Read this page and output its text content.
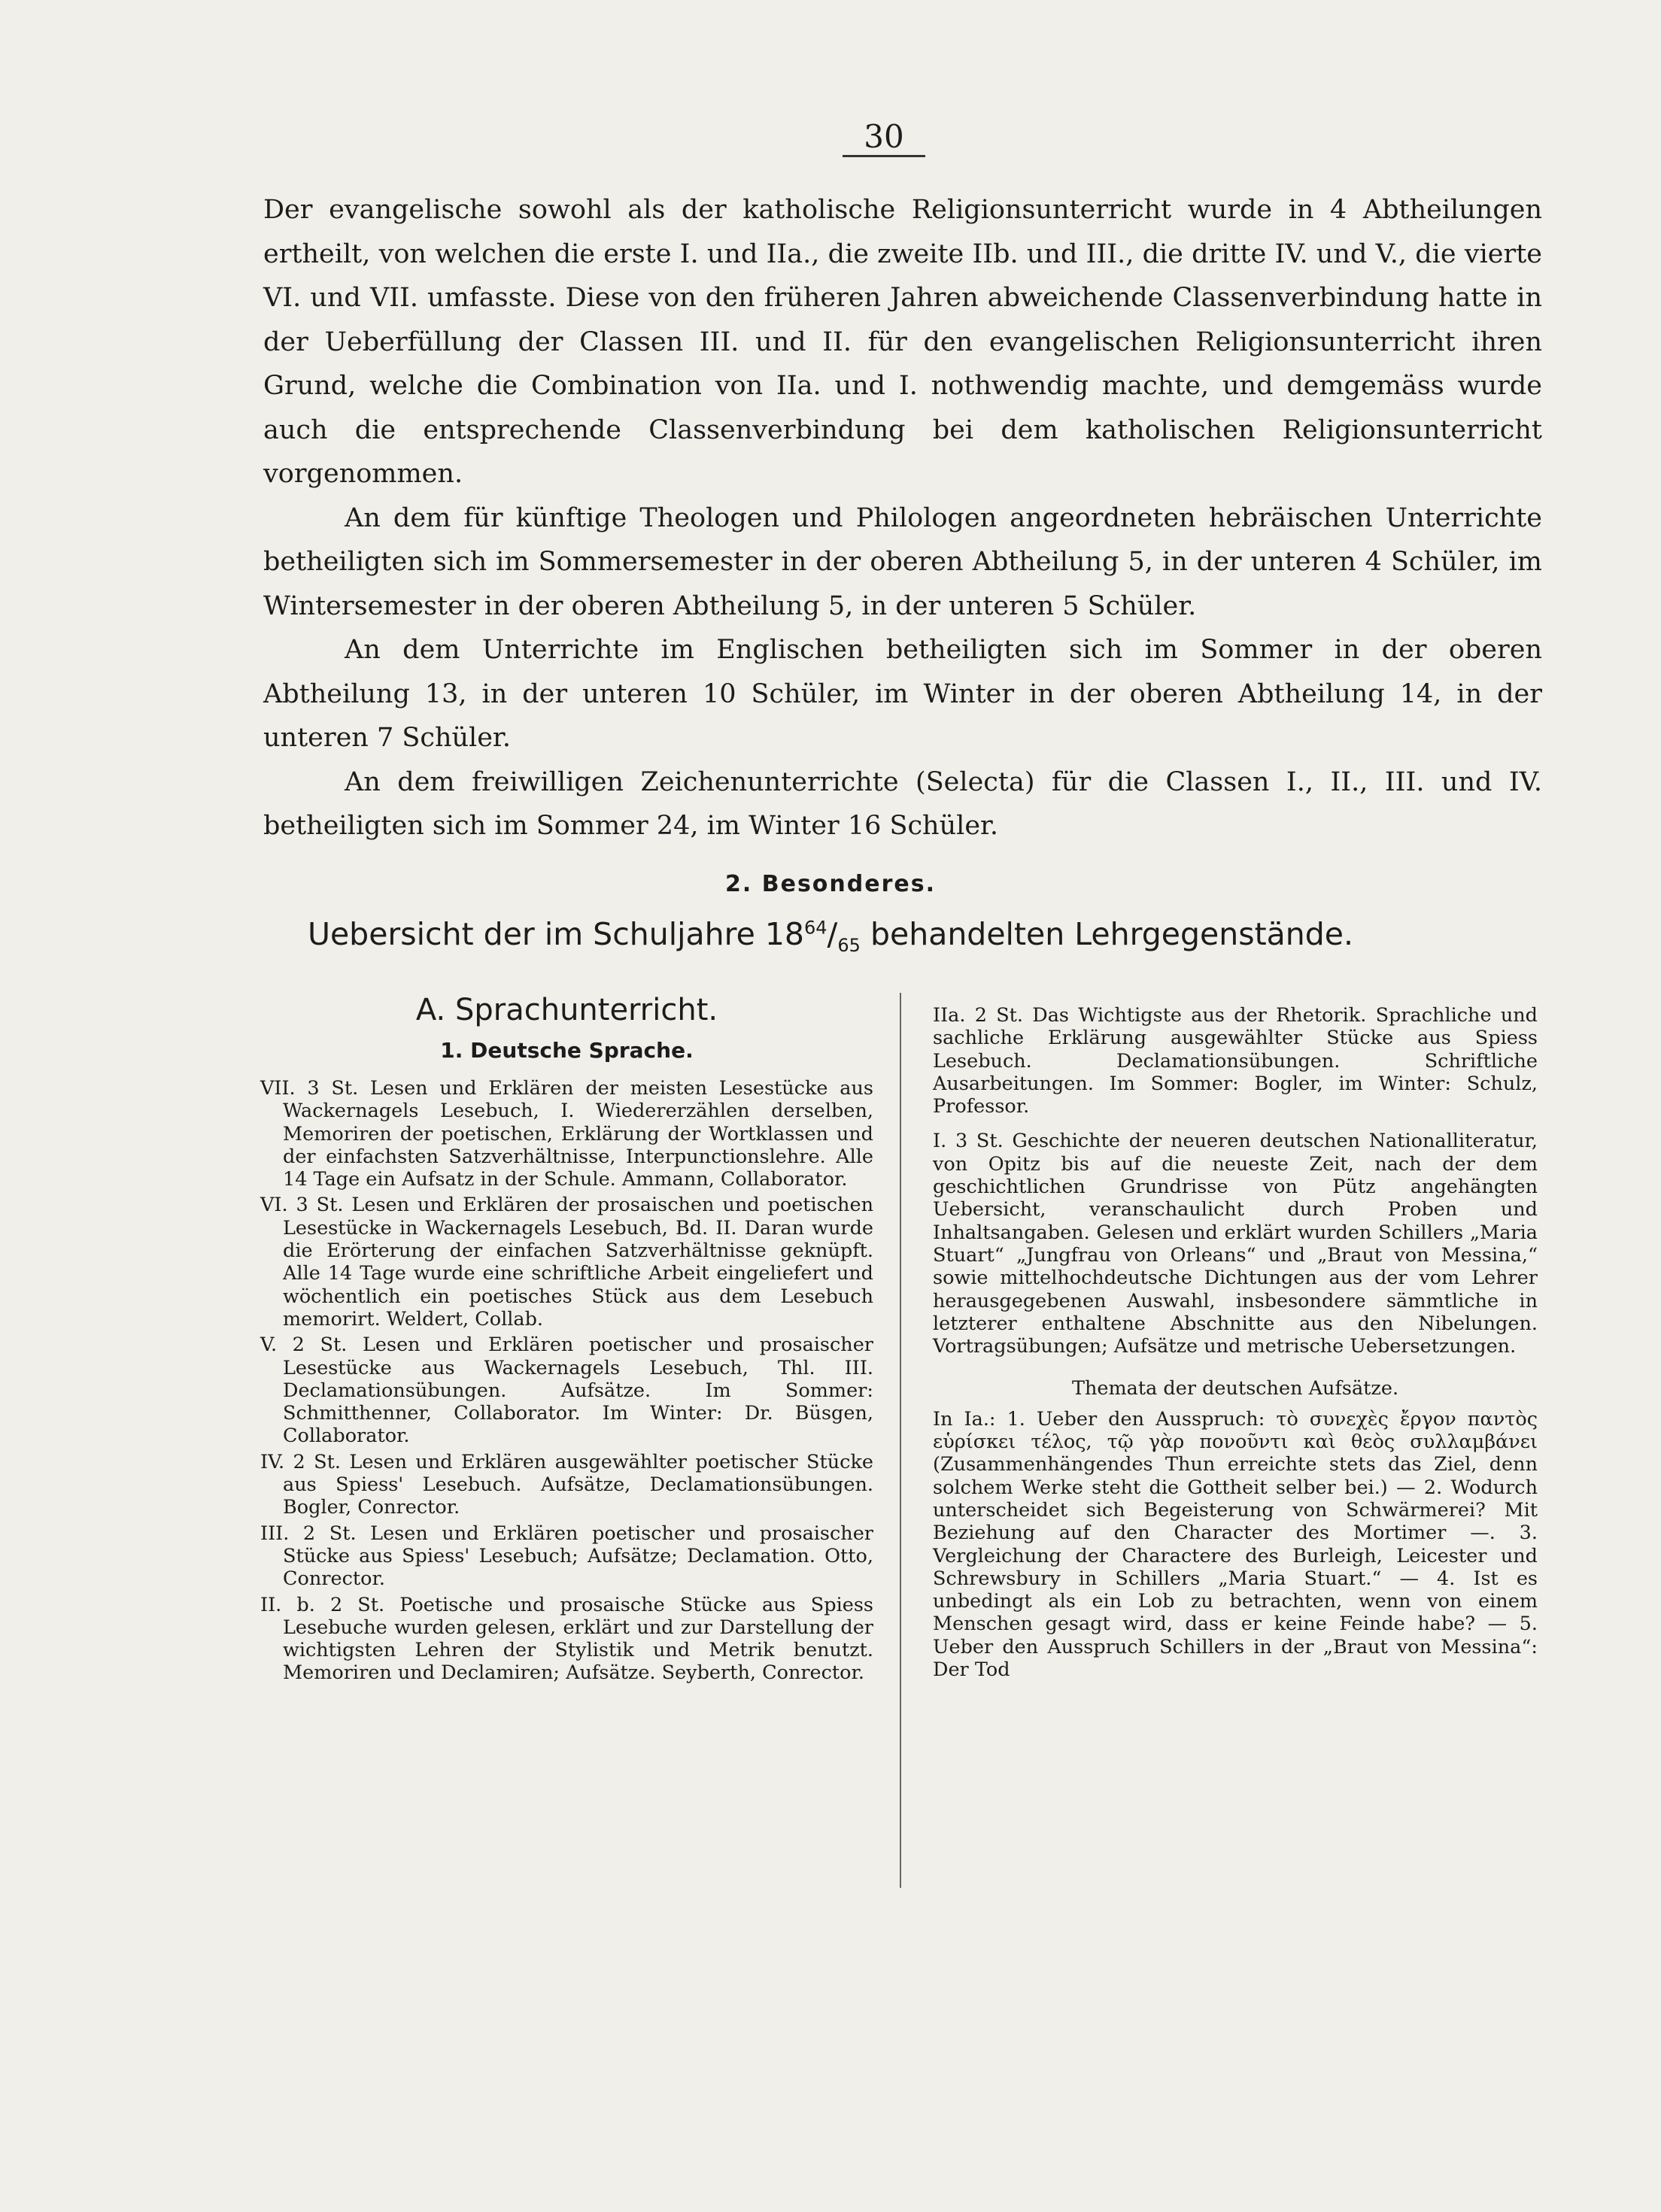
30

Der evangelische sowohl als der katholische Religionsunterricht wurde in 4 Abtheilungen ertheilt, von welchen die erste I. und IIa., die zweite IIb. und III., die dritte IV. und V., die vierte VI. und VII. umfasste. Diese von den früheren Jahren abweichende Classenverbindung hatte in der Ueberfüllung der Classen III. und II. für den evangelischen Religionsunterricht ihren Grund, welche die Combination von IIa. und I. nothwendig machte, und demgemäss wurde auch die entsprechende Classenverbindung bei dem katholischen Religionsunterricht vorgenommen.

An dem für künftige Theologen und Philologen angeordneten hebräischen Unterrichte betheiligten sich im Sommersemester in der oberen Abtheilung 5, in der unteren 4 Schüler, im Wintersemester in der oberen Abtheilung 5, in der unteren 5 Schüler.

An dem Unterrichte im Englischen betheiligten sich im Sommer in der oberen Abtheilung 13, in der unteren 10 Schüler, im Winter in der oberen Abtheilung 14, in der unteren 7 Schüler.

An dem freiwilligen Zeichenunterrichte (Selecta) für die Classen I., II., III. und IV. betheiligten sich im Sommer 24, im Winter 16 Schüler.

2. Besonderes.
Uebersicht der im Schuljahre $18^{64}/_{65}$ behandelten Lehrgegenstände.
A. Sprachunterricht.
1. Deutsche Sprache.

VII. 3 St. Lesen und Erklären der meisten Lesestücke aus Wackernagels Lesebuch, I. Wiedererzählen derselben, Memoriren der poetischen, Erklärung der Wortklassen und der einfachsten Satzverhältnisse, Interpunctionslehre. Alle 14 Tage ein Aufsatz in der Schule. Ammann, Collaborator.

VI. 3 St. Lesen und Erklären der prosaischen und poetischen Lesestücke in Wackernagels Lesebuch, Bd. II. Daran wurde die Erörterung der einfachen Satzverhältnisse geknüpft. Alle 14 Tage wurde eine schriftliche Arbeit eingeliefert und wöchentlich ein poetisches Stück aus dem Lesebuch memorirt. Weldert, Collab.

V. 2 St. Lesen und Erklären poetischer und prosaischer Lesestücke aus Wackernagels Lesebuch, Thl. III. Declamationsübungen. Aufsätze. Im Sommer: Schmitthenner, Collaborator. Im Winter: Dr. Büsgen, Collaborator.

IV. 2 St. Lesen und Erklären ausgewählter poetischer Stücke aus Spiess' Lesebuch. Aufsätze, Declamationsübungen. Bogler, Conrector.

III. 2 St. Lesen und Erklären poetischer und prosaischer Stücke aus Spiess' Lesebuch; Aufsätze; Declamation. Otto, Conrector.

II. b. 2 St. Poetische und prosaische Stücke aus Spiess Lesebuche wurden gelesen, erklärt und zur Darstellung der wichtigsten Lehren der Stylistik und Metrik benutzt. Memoriren und Declamiren; Aufsätze. Seyberth, Conrector.

IIa. 2 St. Das Wichtigste aus der Rhetorik. Sprachliche und sachliche Erklärung ausgewählter Stücke aus Spiess Lesebuch. Declamationsübungen. Schriftliche Ausarbeitungen. Im Sommer: Bogler, im Winter: Schulz, Professor.

I. 3 St. Geschichte der neueren deutschen Nationalliteratur, von Opitz bis auf die neueste Zeit, nach der dem geschichtlichen Grundrisse von Pütz angehängten Uebersicht, veranschaulicht durch Proben und Inhaltsangaben. Gelesen und erklärt wurden Schillers „Maria Stuart“ „Jungfrau von Orleans“ und „Braut von Messina,“ sowie mittelhochdeutsche Dichtungen aus der vom Lehrer herausgegebenen Auswahl, insbesondere sämmtliche in letzterer enthaltene Abschnitte aus den Nibelungen. Vortragsübungen; Aufsätze und metrische Uebersetzungen.

Themata der deutschen Aufsätze.

In Ia.: 1. Ueber den Ausspruch: τὸ συνεχὲς ἔργον παντὸς εὑρίσκει τέλος, τῷ γὰρ πονοῦντι καὶ θεὸς συλλαμβάνει (Zusammenhängendes Thun erreichte stets das Ziel, denn solchem Werke steht die Gottheit selber bei.) — 2. Wodurch unterscheidet sich Begeisterung von Schwärmerei? Mit Beziehung auf den Character des Mortimer —. 3. Vergleichung der Charactere des Burleigh, Leicester und Schrewsbury in Schillers „Maria Stuart.“ — 4. Ist es unbedingt als ein Lob zu betrachten, wenn von einem Menschen gesagt wird, dass er keine Feinde habe? — 5. Ueber den Ausspruch Schillers in der „Braut von Messina“: Der Tod
